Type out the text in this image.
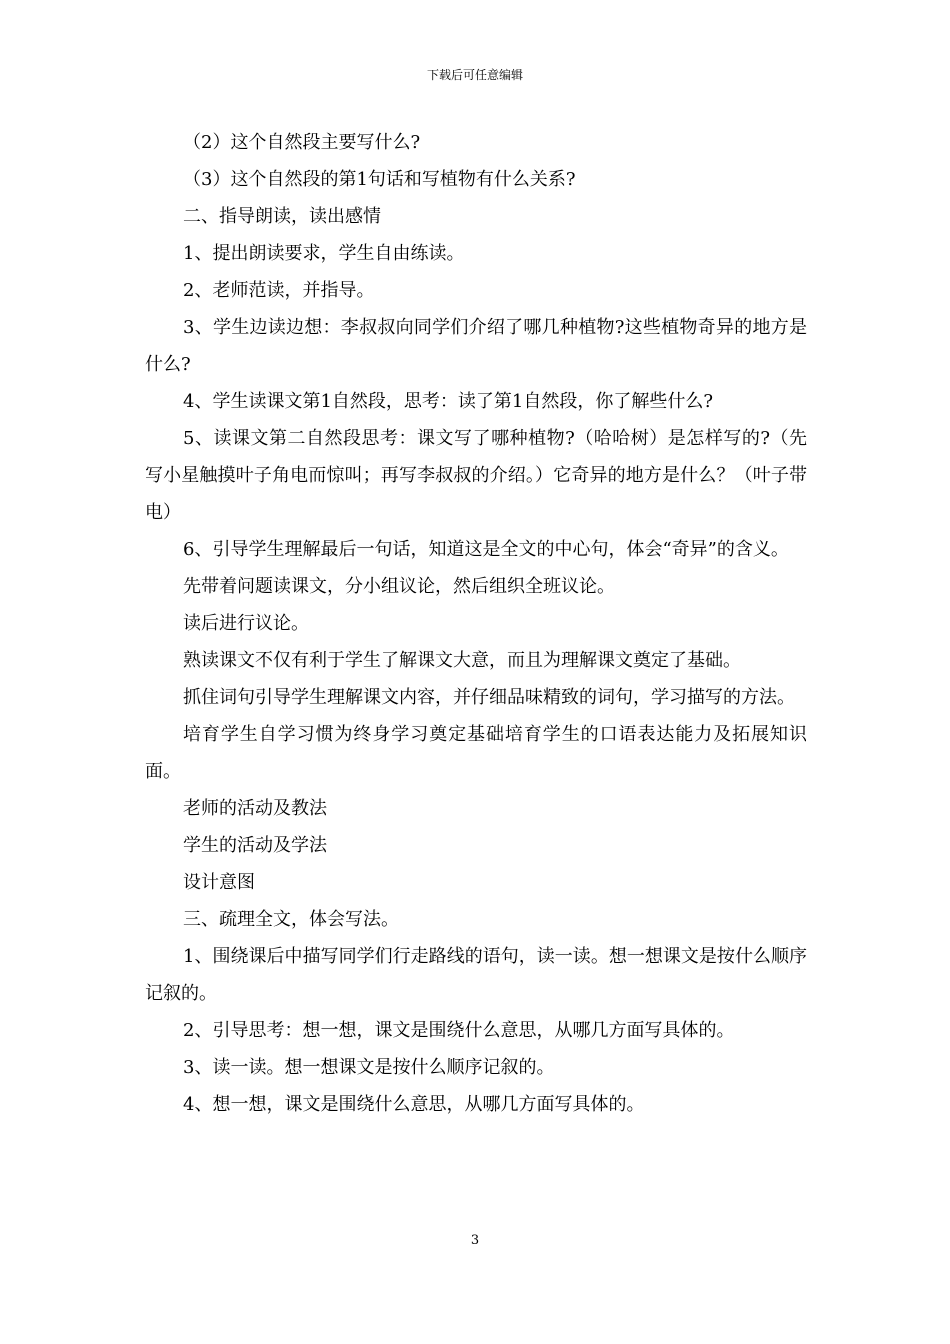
下载后可任意编辑

（2）这个自然段主要写什么?

（3）这个自然段的第1句话和写植物有什么关系?

二、指导朗读，读出感情

1、提出朗读要求，学生自由练读。

2、老师范读，并指导。

3、学生边读边想：李叔叔向同学们介绍了哪几种植物?这些植物奇异的地方是什么?

4、学生读课文第1自然段，思考：读了第1自然段，你了解些什么?

5、读课文第二自然段思考：课文写了哪种植物?（哈哈树）是怎样写的?（先写小星触摸叶子角电而惊叫；再写李叔叔的介绍。）它奇异的地方是什么？（叶子带电）

6、引导学生理解最后一句话，知道这是全文的中心句，体会“奇异”的含义。

先带着问题读课文，分小组议论，然后组织全班议论。

读后进行议论。

熟读课文不仅有利于学生了解课文大意，而且为理解课文奠定了基础。

抓住词句引导学生理解课文内容，并仔细品味精致的词句，学习描写的方法。

培育学生自学习惯为终身学习奠定基础培育学生的口语表达能力及拓展知识面。

老师的活动及教法

学生的活动及学法

设计意图

三、疏理全文，体会写法。

1、围绕课后中描写同学们行走路线的语句，读一读。想一想课文是按什么顺序记叙的。

2、引导思考：想一想，课文是围绕什么意思，从哪几方面写具体的。

3、读一读。想一想课文是按什么顺序记叙的。

4、想一想，课文是围绕什么意思，从哪几方面写具体的。

3
